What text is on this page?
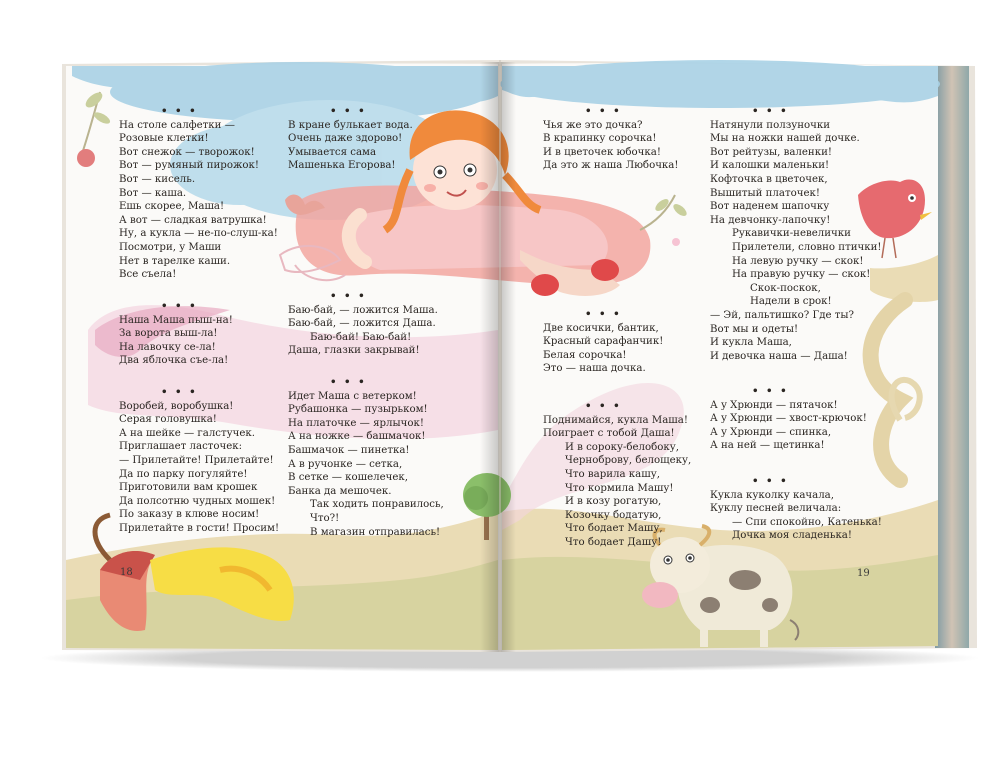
• • •
На столе салфетки —
Розовые клетки!
Вот снежок — творожок!
Вот — румяный пирожок!
Вот — кисель.
Вот — каша.
Ешь скорее, Маша!
А вот — сладкая ватрушка!
Ну, а кукла — не-по-слуш-ка!
Посмотри, у Маши
Нет в тарелке каши.
Все съела!
• • •
Наша Маша пыш-на!
За ворота выш-ла!
На лавочку се-ла!
Два яблочка съе-ла!
• • •
Воробей, воробушка!
Серая головушка!
А на шейке — галстучек.
Приглашает ласточек:
— Прилетайте! Прилетайте!
Да по парку погуляйте!
Приготовили вам крошек
Да полсотню чудных мошек!
По заказу в клюве носим!
Прилетайте в гости! Просим!
• • •
В кране булькает вода.
Очень даже здорово!
Умывается сама
Машенька Егорова!
• • •
Баю-бай, — ложится Маша.
Баю-бай, — ложится Даша.
Баю-бай! Баю-бай!
Даша, глазки закрывай!
• • •
Идет Маша с ветерком!
Рубашонка — пузырьком!
На платочке — ярлычок!
А на ножке — башмачок!
Башмачок — пинетка!
А в ручонке — сетка,
В сетке — кошелечек,
Банка да мешочек.
Так ходить понравилось,
Что?!
В магазин отправилась!
18
• • •
Чья же это дочка?
В крапинку сорочка!
И в цветочек юбочка!
Да это ж наша Любочка!
• • •
Две косички, бантик,
Красный сарафанчик!
Белая сорочка!
Это — наша дочка.
• • •
Поднимайся, кукла Маша!
Поиграет с тобой Даша!
И в сороку-белобоку,
Черноброву, белощеку,
Что варила кашу,
Что кормила Машу!
И в козу рогатую,
Козочку бодатую,
Что бодает Машу,
Что бодает Дашу!
• • •
Натянули ползуночки
Мы на ножки нашей дочке.
Вот рейтузы, валенки!
И калошки маленьки!
Кофточка в цветочек,
Вышитый платочек!
Вот наденем шапочку
На девчонку-лапочку!
Рукавички-невелички
Прилетели, словно птички!
На левую ручку — скок!
На правую ручку — скок!
Скок-поскок,
Надели в срок!
— Эй, пальтишко? Где ты?
Вот мы и одеты!
И кукла Маша,
И девочка наша — Даша!
• • •
А у Хрюнди — пятачок!
А у Хрюнди — хвост-крючок!
А у Хрюнди — спинка,
А на ней — щетинка!
• • •
Кукла куколку качала,
Куклу песней величала:
— Спи спокойно, Катенька!
Дочка моя сладенька!
19
